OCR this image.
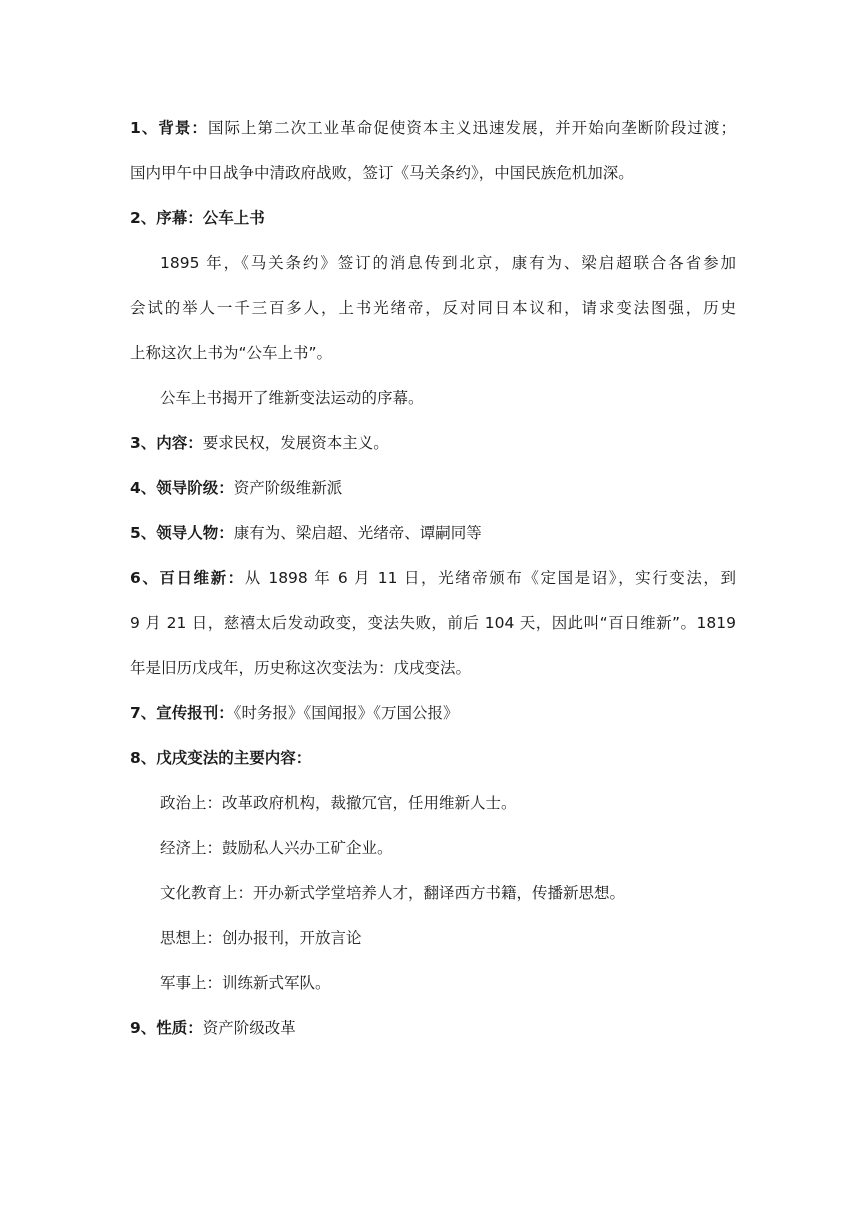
1、背景：国际上第二次工业革命促使资本主义迅速发展，并开始向垄断阶段过渡；
国内甲午中日战争中清政府战败，签订《马关条约》，中国民族危机加深。
2、序幕：公车上书
1895 年，《马关条约》签订的消息传到北京，康有为、梁启超联合各省参加
会试的举人一千三百多人，上书光绪帝，反对同日本议和，请求变法图强，历史
上称这次上书为“公车上书”。
公车上书揭开了维新变法运动的序幕。
3、内容：要求民权，发展资本主义。
4、领导阶级：资产阶级维新派
5、领导人物：康有为、梁启超、光绪帝、谭嗣同等
6、百日维新：从 1898 年 6 月 11 日，光绪帝颁布《定国是诏》，实行变法，到
9 月 21 日，慈禧太后发动政变，变法失败，前后 104 天，因此叫“百日维新”。1819
年是旧历戊戌年，历史称这次变法为：戊戌变法。
7、宣传报刊：《时务报》《国闻报》《万国公报》
8、戊戌变法的主要内容：
政治上：改革政府机构，裁撤冗官，任用维新人士。
经济上：鼓励私人兴办工矿企业。
文化教育上：开办新式学堂培养人才，翻译西方书籍，传播新思想。
思想上：创办报刊，开放言论
军事上：训练新式军队。
9、性质：资产阶级改革
